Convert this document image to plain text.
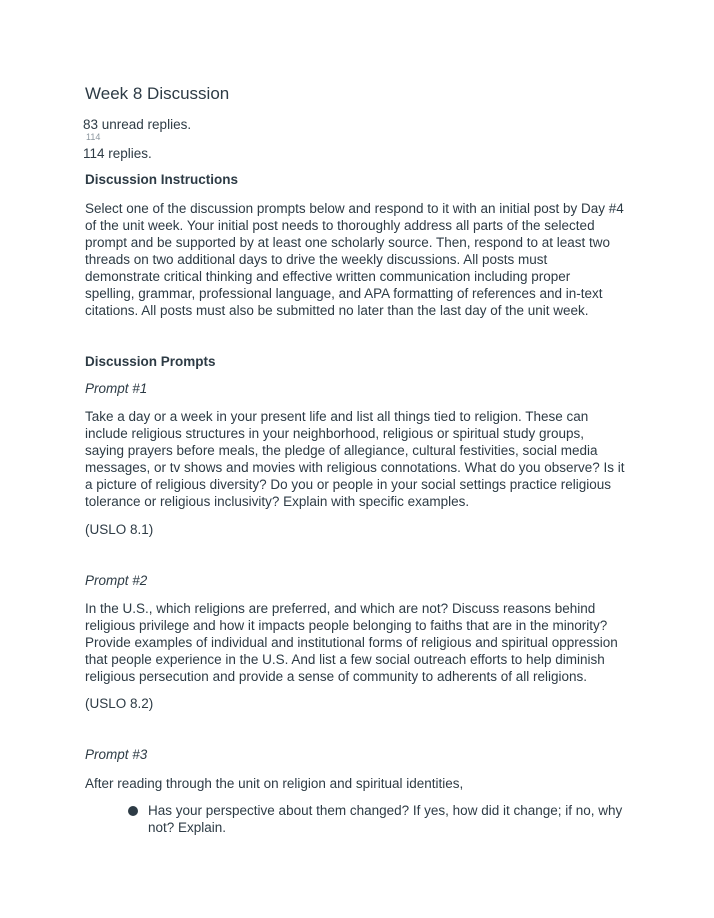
Week 8 Discussion
83 unread replies.
114
114 replies.
Discussion Instructions
Select one of the discussion prompts below and respond to it with an initial post by Day #4
of the unit week. Your initial post needs to thoroughly address all parts of the selected
prompt and be supported by at least one scholarly source. Then, respond to at least two
threads on two additional days to drive the weekly discussions. All posts must
demonstrate critical thinking and effective written communication including proper
spelling, grammar, professional language, and APA formatting of references and in-text
citations. All posts must also be submitted no later than the last day of the unit week.
Discussion Prompts
Prompt #1
Take a day or a week in your present life and list all things tied to religion. These can
include religious structures in your neighborhood, religious or spiritual study groups,
saying prayers before meals, the pledge of allegiance, cultural festivities, social media
messages, or tv shows and movies with religious connotations. What do you observe? Is it
a picture of religious diversity? Do you or people in your social settings practice religious
tolerance or religious inclusivity? Explain with specific examples.
(USLO 8.1)
Prompt #2
In the U.S., which religions are preferred, and which are not? Discuss reasons behind
religious privilege and how it impacts people belonging to faiths that are in the minority?
Provide examples of individual and institutional forms of religious and spiritual oppression
that people experience in the U.S. And list a few social outreach efforts to help diminish
religious persecution and provide a sense of community to adherents of all religions.
(USLO 8.2)
Prompt #3
After reading through the unit on religion and spiritual identities,
Has your perspective about them changed? If yes, how did it change; if no, why
not? Explain.
